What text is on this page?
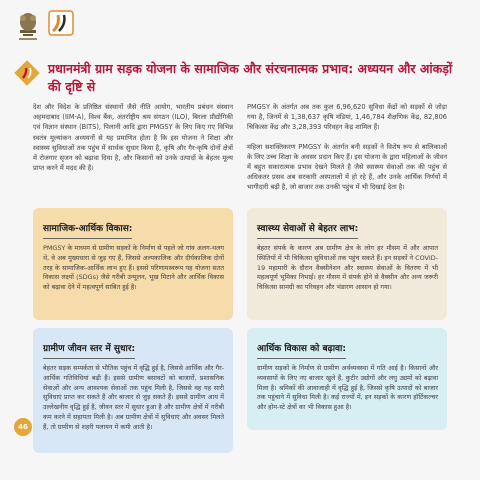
प्रधानमंत्री ग्राम सड़क योजना के सामाजिक और संरचनात्मक प्रभाव: अध्ययन और आंकड़ों की दृष्टि से

देश और विदेश के प्रतिष्ठित संस्थानों जैसे नीति आयोग, भारतीय प्रबंधन संस्थान अहमदाबाद (IIM-A), विश्व बैंक, अंतर्राष्ट्रीय श्रम संगठन (ILO), बिरला प्रौद्योगिकी एवं विज्ञान संस्थान (BITS), पिलानी आदि द्वारा PMGSY के लिए किए गए विभिन्न स्वतंत्र मूल्यांकन अध्ययनों से यह प्रमाणित होता है कि इस योजना ने शिक्षा और स्वास्थ्य सुविधाओं तक पहुंच में सार्थक सुधार किया है, कृषि और गैर-कृषि दोनों क्षेत्रों में रोजगार सृजन को बढ़ावा दिया है, और किसानों को उनके उत्पादों के बेहतर मूल्य प्राप्त करने में मदद की है।

PMGSY के अंतर्गत अब तक कुल 6,96,620 सुविधा केंद्रों को सड़कों से जोड़ा गया है, जिनमें से 1,38,637 कृषि मंडियां, 1,46,784 शैक्षणिक केंद्र, 82,806 चिकित्सा केंद्र और 3,28,393 परिवहन केंद्र शामिल हैं।

महिला सशक्तिकरण PMGSY के अंतर्गत बनी सड़कों ने विशेष रूप से बालिकाओं के लिए उच्च शिक्षा के अवसर प्रदान किए हैं। इस योजना के द्वारा महिलाओं के जीवन में बहुत सकारात्मक प्रभाव देखने मिलते है जैसे स्वास्थ्य सेवाओं तक की पहुंच से अधिकतर प्रसव अब सरकारी अस्पतालों में हो रहे हैं, और उनके आर्थिक निर्णयों में भागीदारी बढ़ी है, जो बाजार तक उनकी पहुंच में भी दिखाई देता है।

सामाजिक-आर्थिक विकास:
PMGSY के माध्यम से ग्रामीण सड़कों के निर्माण से पहले जो गांव अलग-थलग थे, वे अब मुख्यधारा से जुड़ गए हैं, जिससे अल्पकालिक और दीर्घकालिक दोनों तरह के सामाजिक-आर्थिक लाभ हुए हैं। इससे परिणामस्वरूप यह योजना सतत विकास लक्ष्यों (SDGs) जैसे गरीबी उन्मूलन, भूख मिटाने और आर्थिक विकास को बढ़ावा देने में महत्वपूर्ण साबित हुई है।
स्वास्थ्य सेवाओं से बेहतर लाभ:
बेहतर संपर्क के कारण अब ग्रामीण क्षेत्र के लोग हर मौसम में और आपात स्थितियों में भी चिकित्सा सुविधाओं तक पहुंच सकते हैं। इन सड़कों ने COVID-19 महामारी के दौरान वैक्सीनेशन और स्वास्थ्य सेवाओं के वितरण में भी महत्वपूर्ण भूमिका निभाई। हर मौसम में संपर्क होने से वैक्सीन और अन्य जरूरी चिकित्सा सामग्री का परिवहन और भंडारण आसान हो गया।
ग्रामीण जीवन स्तर में सुधार:
बेहतर सड़क सम्पर्कता से भौतिक पहुंच में वृद्धि हुई है, जिससे आर्थिक और गैर-आर्थिक गतिविधियां बढ़ी हैं। इससे ग्रामीण बसावटों को बाजारों, प्रशासनिक सेवाओं और अन्य आवश्यक सेवाओं तक पहुंच मिली है, जिससे वह यह सारी सुविधाएं प्राप्त कर सकते हैं और बाजार से जुड़ सकते हैं। इससे ग्रामीण आय में उल्लेखनीय वृद्धि हुई है, जीवन स्तर में सुधार हुआ है और ग्रामीण क्षेत्रों में गरीबी कम करने में सहायता मिली है। अब ग्रामीण क्षेत्रों में सुविधाएं और अवसर मिलते हैं, तो ग्रामीण से शहरी पलायन में कमी आती है।
आर्थिक विकास को बढ़ावा:
ग्रामीण सड़कों के निर्माण से ग्रामीण अर्थव्यवस्था में गति आई है। किसानों और व्यवसायों के लिए नए बाजार खुले हैं, कुटीर उद्योगों और लघु उद्यमों को बढ़ावा मिला है। श्रमिकों की आवाजाही में वृद्धि हुई है, जिससे कृषि उत्पादों को बाजार तक पहुंचाने में सुविधा मिली है। कई राज्यों में, इन सड़कों के कारण हॉर्टिकल्चर और होम-स्टे क्षेत्रों का भी विकास हुआ है।
46
